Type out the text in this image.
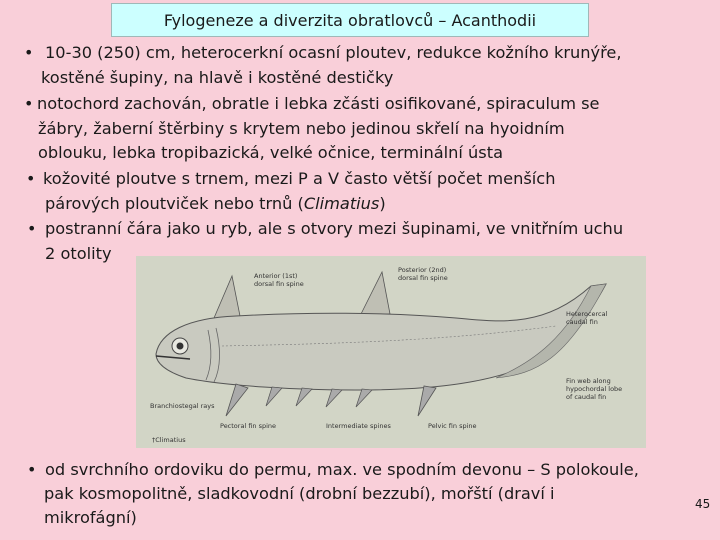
Fylogeneze a diverzita obratlovců – Acanthodii
• 10-30 (250) cm, heterocerkní ocasní ploutev, redukce kožního krunýře,
kostěné šupiny, na hlavě i kostěné destičky
• notochord zachován, obratle i lebka zčásti osifikované, spiraculum se
žábry, žaberní štěrbiny s krytem nebo jedinou skřelí na hyoidním
oblouku, lebka tropibazická, velké očnice, terminální ústa
• kožovité ploutve s trnem, mezi P a V často větší počet menších
párových ploutviček nebo trnů (Climatius)
• postranní čára jako u ryb, ale s otvory mezi šupinami, ve vnitřním uchu
2 otolity
• od svrchního ordoviku do permu, max. ve spodním devonu – S polokoule,
pak kosmopolitně, sladkovodní (drobní bezzubí), mořští (draví i
mikrofágní)
Anterior (1st)
dorsal fin spine
Posterior (2nd)
dorsal fin spine
Heterocercal
caudal fin
Fin web along
hypochordal lobe
of caudal fin
Branchiostegal rays
Pectoral fin spine	Intermediate spines	Pelvic fin spine
†Climatius
45
